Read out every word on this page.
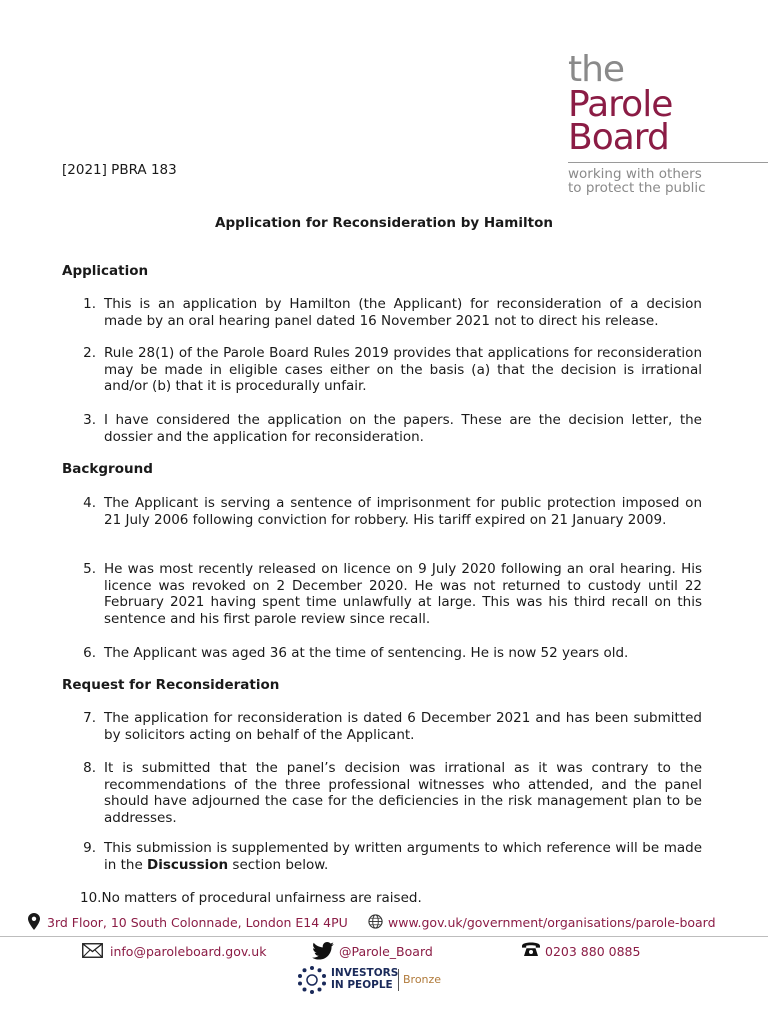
the
Parole
Board
working with others
to protect the public
[2021] PBRA 183
Application for Reconsideration by Hamilton
Application
1. This is an application by Hamilton (the Applicant) for reconsideration of a decision made by an oral hearing panel dated 16 November 2021 not to direct his release.
2. Rule 28(1) of the Parole Board Rules 2019 provides that applications for reconsideration may be made in eligible cases either on the basis (a) that the decision is irrational and/or (b) that it is procedurally unfair.
3. I have considered the application on the papers. These are the decision letter, the dossier and the application for reconsideration.
Background
4. The Applicant is serving a sentence of imprisonment for public protection imposed on 21 July 2006 following conviction for robbery. His tariff expired on 21 January 2009.
5. He was most recently released on licence on 9 July 2020 following an oral hearing. His licence was revoked on 2 December 2020. He was not returned to custody until 22 February 2021 having spent time unlawfully at large. This was his third recall on this sentence and his first parole review since recall.
6. The Applicant was aged 36 at the time of sentencing. He is now 52 years old.
Request for Reconsideration
7. The application for reconsideration is dated 6 December 2021 and has been submitted by solicitors acting on behalf of the Applicant.
8. It is submitted that the panel’s decision was irrational as it was contrary to the recommendations of the three professional witnesses who attended, and the panel should have adjourned the case for the deficiencies in the risk management plan to be addresses.
9. This submission is supplemented by written arguments to which reference will be made in the Discussion section below.
10.No matters of procedural unfairness are raised.
3rd Floor, 10 South Colonnade, London E14 4PU	www.gov.uk/government/organisations/parole-board
info@paroleboard.gov.uk	@Parole_Board	0203 880 0885
INVESTORS
IN PEOPLE Bronze
